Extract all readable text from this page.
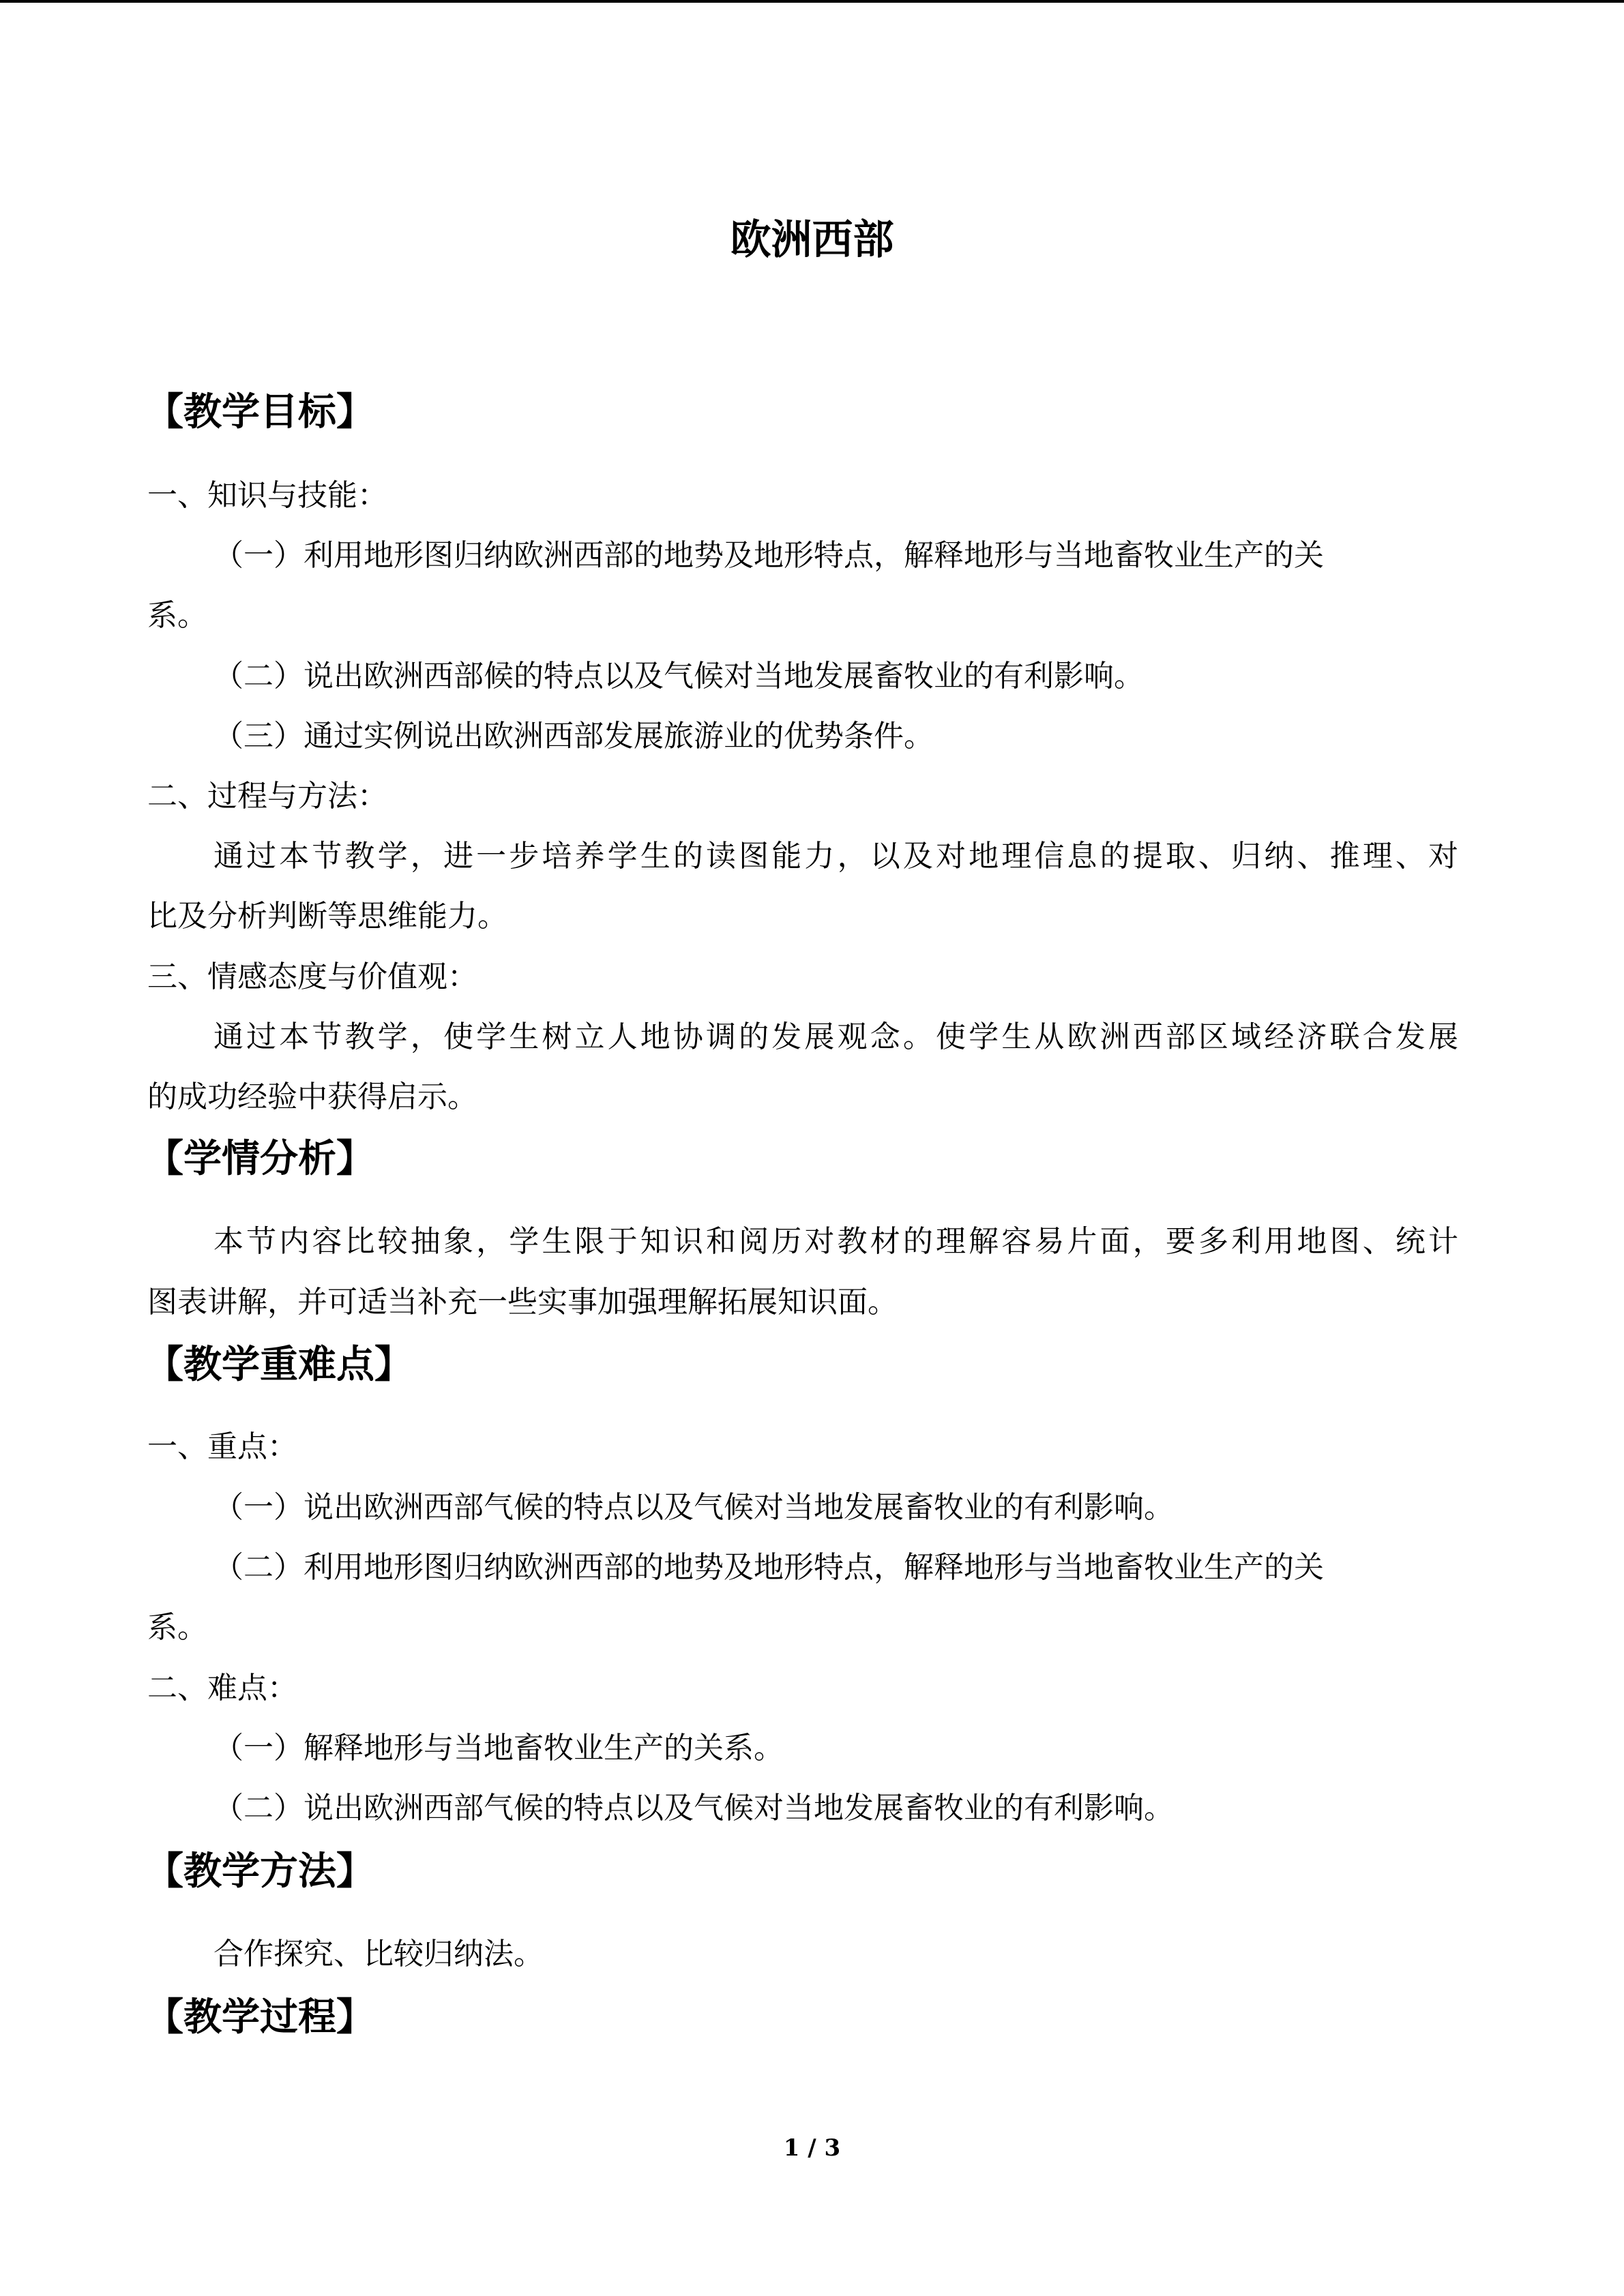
欧洲西部
【教学目标】
一、知识与技能：
（一）利用地形图归纳欧洲西部的地势及地形特点，解释地形与当地畜牧业生产的关
系。
（二）说出欧洲西部候的特点以及气候对当地发展畜牧业的有利影响。
（三）通过实例说出欧洲西部发展旅游业的优势条件。
二、过程与方法：
通过本节教学，进一步培养学生的读图能力，以及对地理信息的提取、归纳、推理、对
比及分析判断等思维能力。
三、情感态度与价值观：
通过本节教学，使学生树立人地协调的发展观念。使学生从欧洲西部区域经济联合发展
的成功经验中获得启示。
【学情分析】
本节内容比较抽象，学生限于知识和阅历对教材的理解容易片面，要多利用地图、统计
图表讲解，并可适当补充一些实事加强理解拓展知识面。
【教学重难点】
一、重点：
（一）说出欧洲西部气候的特点以及气候对当地发展畜牧业的有利影响。
（二）利用地形图归纳欧洲西部的地势及地形特点，解释地形与当地畜牧业生产的关
系。
二、难点：
（一）解释地形与当地畜牧业生产的关系。
（二）说出欧洲西部气候的特点以及气候对当地发展畜牧业的有利影响。
【教学方法】
合作探究、比较归纳法。
【教学过程】
1 / 3
